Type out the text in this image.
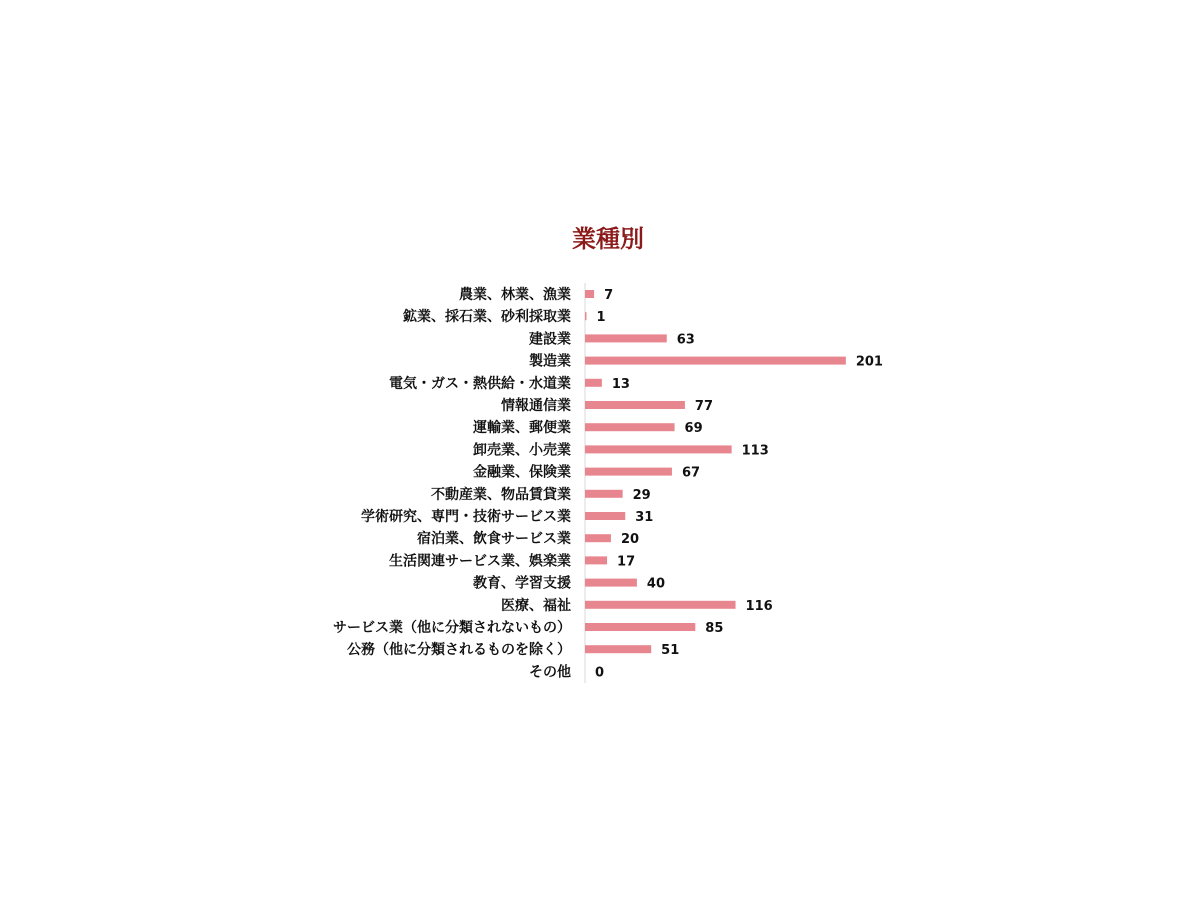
業種別
農業、林業、漁業	7
鉱業、採石業、砂利採取業 1
建設業	63
製造業	201
電気・ガス・熱供給・水道業	13
情報通信業	77
運輸業、郵便業	69
卸売業、小売業	113
金融業、保険業	67
不動産業、物品賃貸業	29
学術研究、専門・技術サービス業	31
宿泊業、飲食サービス業	20
生活関連サービス業、娯楽業	17
教育、学習支援	40
医療、福祉	116
サービス業（他に分類されないもの）	85
公務（他に分類されるものを除く）	51
その他 0
